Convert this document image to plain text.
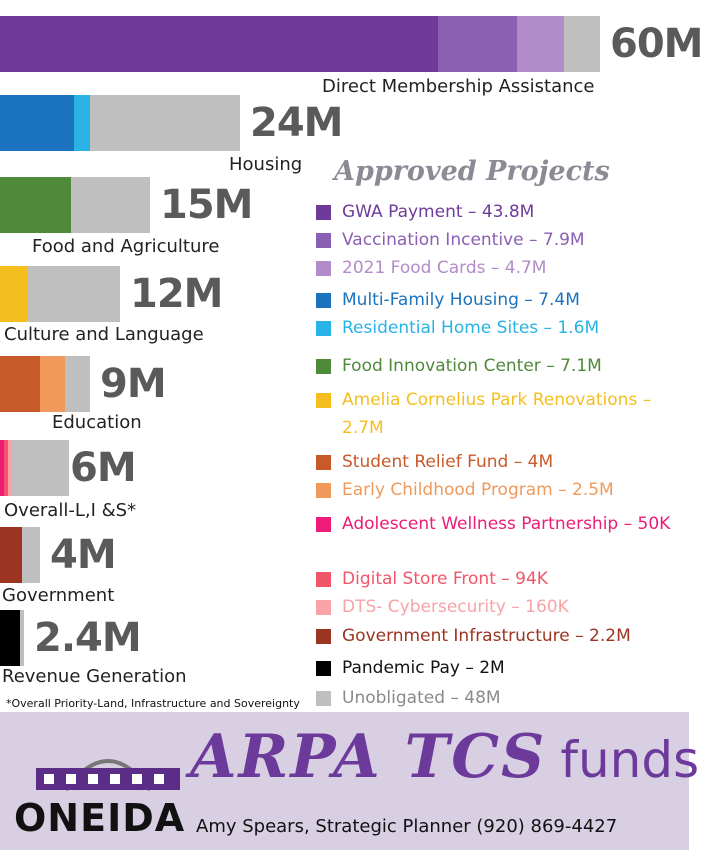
60M
Direct Membership Assistance
24M
Housing
15M
Food and Agriculture
12M
Culture and Language
9M
Education
6M
Overall-L,I &S*
4M
Government
2.4M
Revenue Generation
*Overall Priority-Land, Infrastructure and Sovereignty
Approved Projects
GWA Payment – 43.8M
Vaccination Incentive – 7.9M
2021 Food Cards – 4.7M
Multi-Family Housing – 7.4M
Residential Home Sites – 1.6M
Food Innovation Center – 7.1M
Amelia Cornelius Park Renovations – 2.7M
Student Relief Fund – 4M
Early Childhood Program – 2.5M
Adolescent Wellness Partnership – 50K
Digital Store Front – 94K
DTS- Cybersecurity – 160K
Government Infrastructure – 2.2M
Pandemic Pay – 2M
Unobligated – 48M
ONEIDA
ARPA TCS funds
Amy Spears, Strategic Planner (920) 869-4427
